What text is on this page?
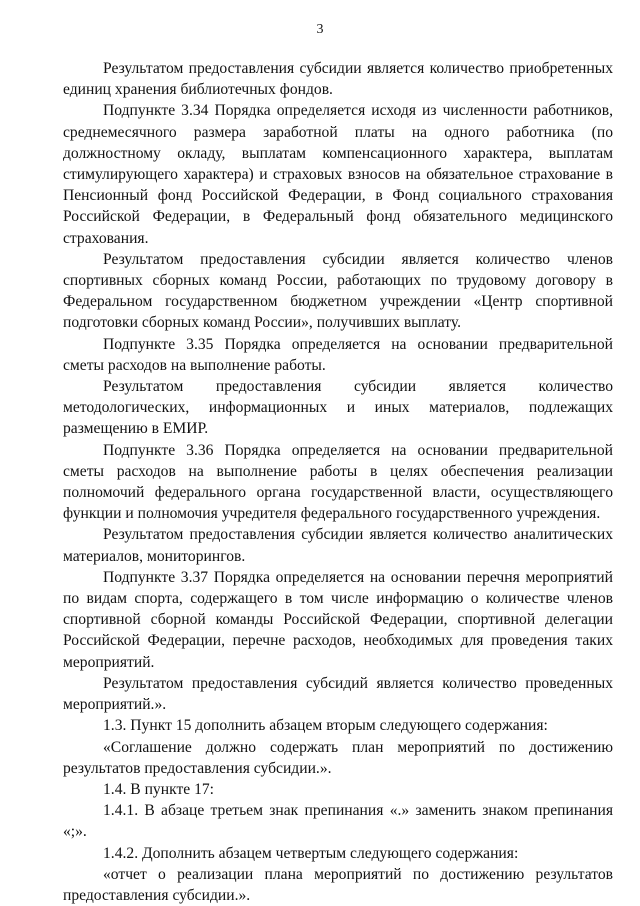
3

Результатом предоставления субсидии является количество приобретенных единиц хранения библиотечных фондов.

Подпункте 3.34 Порядка определяется исходя из численности работников, среднемесячного размера заработной платы на одного работника (по должностному окладу, выплатам компенсационного характера, выплатам стимулирующего характера) и страховых взносов на обязательное страхование в Пенсионный фонд Российской Федерации, в Фонд социального страхования Российской Федерации, в Федеральный фонд обязательного медицинского страхования.

Результатом предоставления субсидии является количество членов спортивных сборных команд России, работающих по трудовому договору в Федеральном государственном бюджетном учреждении «Центр спортивной подготовки сборных команд России», получивших выплату.

Подпункте 3.35 Порядка определяется на основании предварительной сметы расходов на выполнение работы.

Результатом предоставления субсидии является количество методологических, информационных и иных материалов, подлежащих размещению в ЕМИР.

Подпункте 3.36 Порядка определяется на основании предварительной сметы расходов на выполнение работы в целях обеспечения реализации полномочий федерального органа государственной власти, осуществляющего функции и полномочия учредителя федерального государственного учреждения.

Результатом предоставления субсидии является количество аналитических материалов, мониторингов.

Подпункте 3.37 Порядка определяется на основании перечня мероприятий по видам спорта, содержащего в том числе информацию о количестве членов спортивной сборной команды Российской Федерации, спортивной делегации Российской Федерации, перечне расходов, необходимых для проведения таких мероприятий.

Результатом предоставления субсидий является количество проведенных мероприятий.».

1.3. Пункт 15 дополнить абзацем вторым следующего содержания:

«Соглашение должно содержать план мероприятий по достижению результатов предоставления субсидии.».

1.4. В пункте 17:

1.4.1. В абзаце третьем знак препинания «.» заменить знаком препинания «;».

1.4.2. Дополнить абзацем четвертым следующего содержания:

«отчет о реализации плана мероприятий по достижению результатов предоставления субсидии.».
